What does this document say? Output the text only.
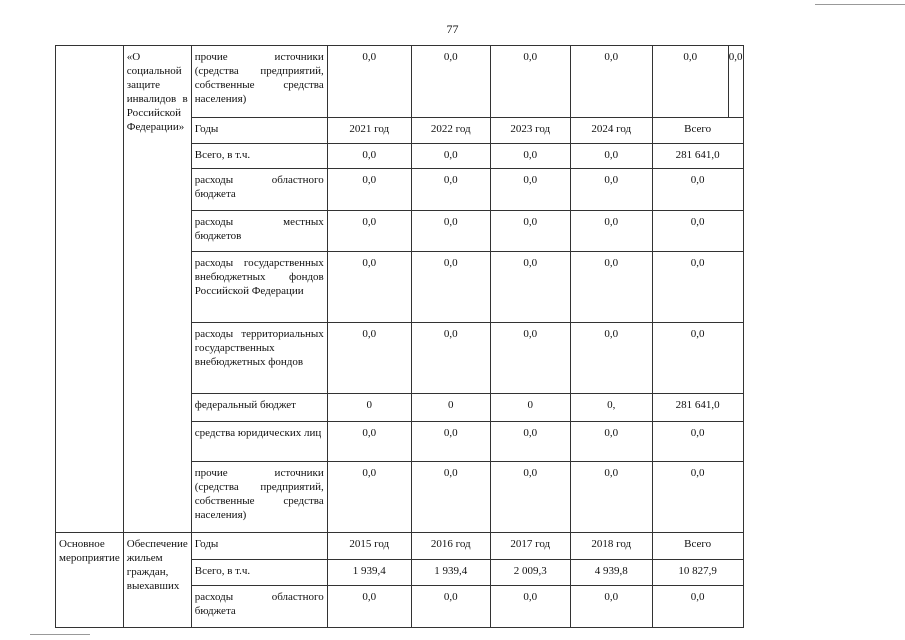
77
	«О социальной защите инвалидов в Российской Федерации»	прочие источники (средства предприятий, собственные средства населения)	0,0	0,0	0,0	0,0	0,0 0,0

		Годы	2021 год	2022 год	2023 год	2024 год	Всего
		Всего, в т.ч.	0,0	0,0	0,0	0,0	281 641,0
		расходы областного бюджета	0,0	0,0	0,0	0,0	0,0
		расходы местных бюджетов	0,0	0,0	0,0	0,0	0,0
		расходы государственных внебюджетных фондов Российской Федерации	0,0	0,0	0,0	0,0	0,0
		расходы территориальных государственных внебюджетных фондов	0,0	0,0	0,0	0,0	0,0
		федеральный бюджет	0	0	0	0,	281 641,0
		средства юридических лиц	0,0	0,0	0,0	0,0	0,0
		прочие источники (средства предприятий, собственные средства населения)	0,0	0,0	0,0	0,0	0,0
Основное мероприятие	Обеспечение жильем граждан, выехавших	Годы	2015 год	2016 год	2017 год	2018 год	Всего
		Всего, в т.ч.	1 939,4	1 939,4	2 009,3	4 939,8	10 827,9
		расходы областного бюджета	0,0	0,0	0,0	0,0	0,0
